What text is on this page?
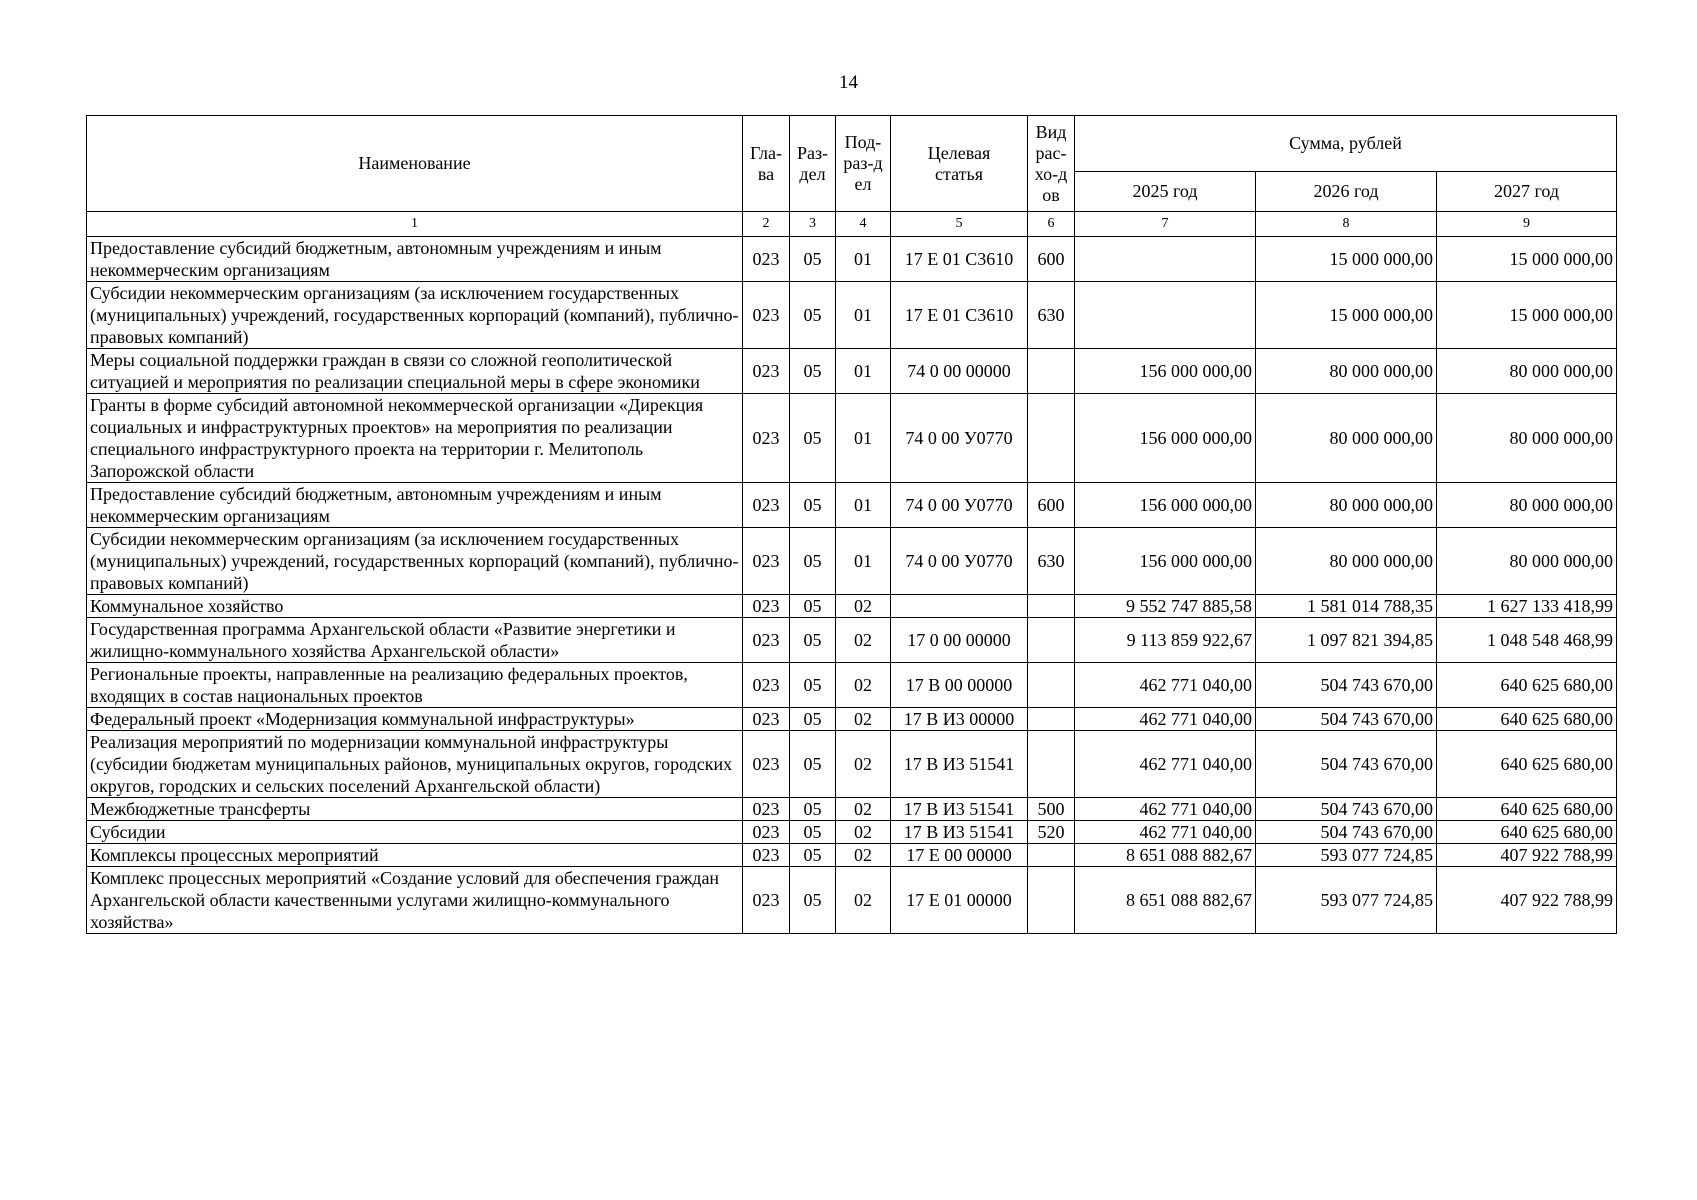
14
Наименование	Гла-ва	Раз-дел	Под-раз-дел	Целевая статья	Вид рас-хо-дов	Сумма, рублей		
						2025 год	2026 год	2027 год
1	2	3	4	5	6	7	8	9
Предоставление субсидий бюджетным, автономным учреждениям и иным некоммерческим организациям	023	05	01	17 Е 01 С3610	600		15 000 000,00	15 000 000,00
Субсидии некоммерческим организациям (за исключением государственных (муниципальных) учреждений, государственных корпораций (компаний), публично-правовых компаний)	023	05	01	17 Е 01 С3610	630		15 000 000,00	15 000 000,00
Меры социальной поддержки граждан в связи со сложной геополитической ситуацией и мероприятия по реализации специальной меры в сфере экономики	023	05	01	74 0 00 00000		156 000 000,00	80 000 000,00	80 000 000,00
Гранты в форме субсидий автономной некоммерческой организации «Дирекция социальных и инфраструктурных проектов» на мероприятия по реализации специального инфраструктурного проекта на территории г. Мелитополь Запорожской области	023	05	01	74 0 00 У0770		156 000 000,00	80 000 000,00	80 000 000,00
Предоставление субсидий бюджетным, автономным учреждениям и иным некоммерческим организациям	023	05	01	74 0 00 У0770	600	156 000 000,00	80 000 000,00	80 000 000,00
Субсидии некоммерческим организациям (за исключением государственных (муниципальных) учреждений, государственных корпораций (компаний), публично-правовых компаний)	023	05	01	74 0 00 У0770	630	156 000 000,00	80 000 000,00	80 000 000,00
Коммунальное хозяйство	023	05	02			9 552 747 885,58	1 581 014 788,35	1 627 133 418,99
Государственная программа Архангельской области «Развитие энергетики и жилищно-коммунального хозяйства Архангельской области»	023	05	02	17 0 00 00000		9 113 859 922,67	1 097 821 394,85	1 048 548 468,99
Региональные проекты, направленные на реализацию федеральных проектов, входящих в состав национальных проектов	023	05	02	17 В 00 00000		462 771 040,00	504 743 670,00	640 625 680,00
Федеральный проект «Модернизация коммунальной инфраструктуры»	023	05	02	17 В И3 00000		462 771 040,00	504 743 670,00	640 625 680,00
Реализация мероприятий по модернизации коммунальной инфраструктуры (субсидии бюджетам муниципальных районов, муниципальных округов, городских округов, городских и сельских поселений Архангельской области)	023	05	02	17 В И3 51541		462 771 040,00	504 743 670,00	640 625 680,00
Межбюджетные трансферты	023	05	02	17 В И3 51541	500	462 771 040,00	504 743 670,00	640 625 680,00
Субсидии	023	05	02	17 В И3 51541	520	462 771 040,00	504 743 670,00	640 625 680,00
Комплексы процессных мероприятий	023	05	02	17 Е 00 00000		8 651 088 882,67	593 077 724,85	407 922 788,99
Комплекс процессных мероприятий «Создание условий для обеспечения граждан Архангельской области качественными услугами жилищно-коммунального хозяйства»	023	05	02	17 Е 01 00000		8 651 088 882,67	593 077 724,85	407 922 788,99
